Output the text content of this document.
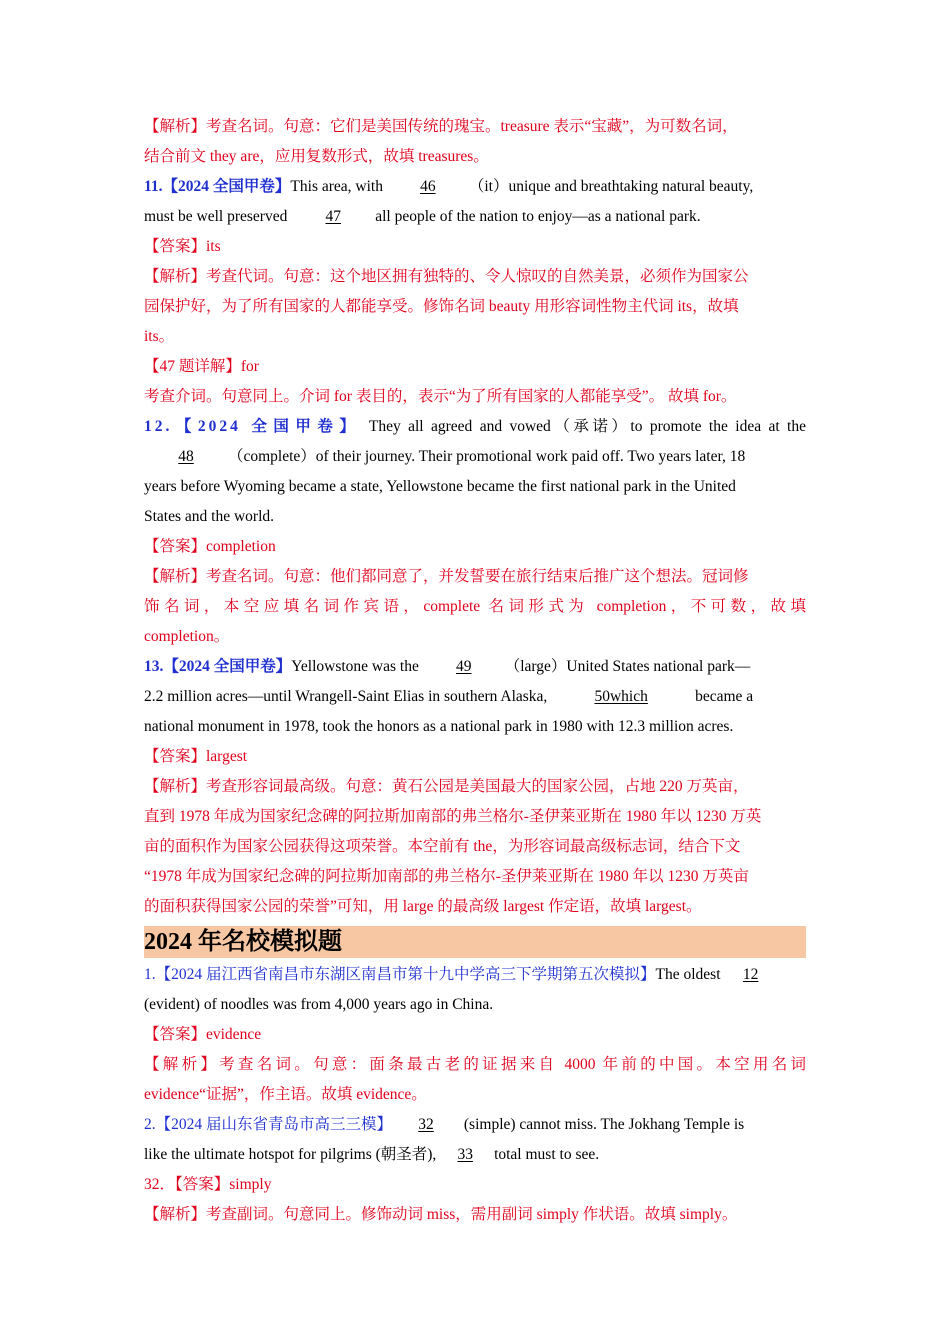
【解析】考查名词。句意：它们是美国传统的瑰宝。treasure 表示“宝藏”，为可数名词，
结合前文 they are，应用复数形式，故填 treasures。
11.【2024 全国甲卷】This area, with 46 （it）unique and breathtaking natural beauty,
must be well preserved 47 all people of the nation to enjoy—as a national park.
【答案】its
【解析】考查代词。句意：这个地区拥有独特的、令人惊叹的自然美景，必须作为国家公
园保护好，为了所有国家的人都能享受。修饰名词 beauty 用形容词性物主代词 its，故填
its。
【47 题详解】for
考查介词。句意同上。介词 for 表目的，表示“为了所有国家的人都能享受”。 故填 for。
12.【2024 全国甲卷】 They all agreed and vowed（承诺）to promote the idea at the
48 （complete）of their journey. Their promotional work paid off. Two years later, 18
years before Wyoming became a state, Yellowstone became the first national park in the United
States and the world.
【答案】completion
【解析】考查名词。句意：他们都同意了，并发誓要在旅行结束后推广这个想法。冠词修
饰名词，本空应填名词作宾语，complete 名词形式为 completion，不可数，故填
completion。
13.【2024 全国甲卷】Yellowstone was the 49 （large）United States national park—
2.2 million acres—until Wrangell-Saint Elias in southern Alaska,	50which	became a
national monument in 1978, took the honors as a national park in 1980 with 12.3 million acres.
【答案】largest
【解析】考查形容词最高级。句意：黄石公园是美国最大的国家公园，占地 220 万英亩，
直到 1978 年成为国家纪念碑的阿拉斯加南部的弗兰格尔-圣伊莱亚斯在 1980 年以 1230 万英
亩的面积作为国家公园获得这项荣誉。本空前有 the，为形容词最高级标志词，结合下文
“1978 年成为国家纪念碑的阿拉斯加南部的弗兰格尔-圣伊莱亚斯在 1980 年以 1230 万英亩
的面积获得国家公园的荣誉”可知，用 large 的最高级 largest 作定语，故填 largest。
2024 年名校模拟题
1.【2024 届江西省南昌市东湖区南昌市第十九中学高三下学期第五次模拟】The oldest 12
(evident) of noodles was from 4,000 years ago in China.
【答案】evidence
【解析】考查名词。句意：面条最古老的证据来自 4000 年前的中国。本空用名词
evidence“证据”，作主语。故填 evidence。
2.【2024 届山东省青岛市高三三模】 32 (simple) cannot miss. The Jokhang Temple is
like the ultimate hotspot for pilgrims (朝圣者), 33 total must to see.
32．【答案】simply
【解析】考查副词。句意同上。修饰动词 miss，需用副词 simply 作状语。故填 simply。
